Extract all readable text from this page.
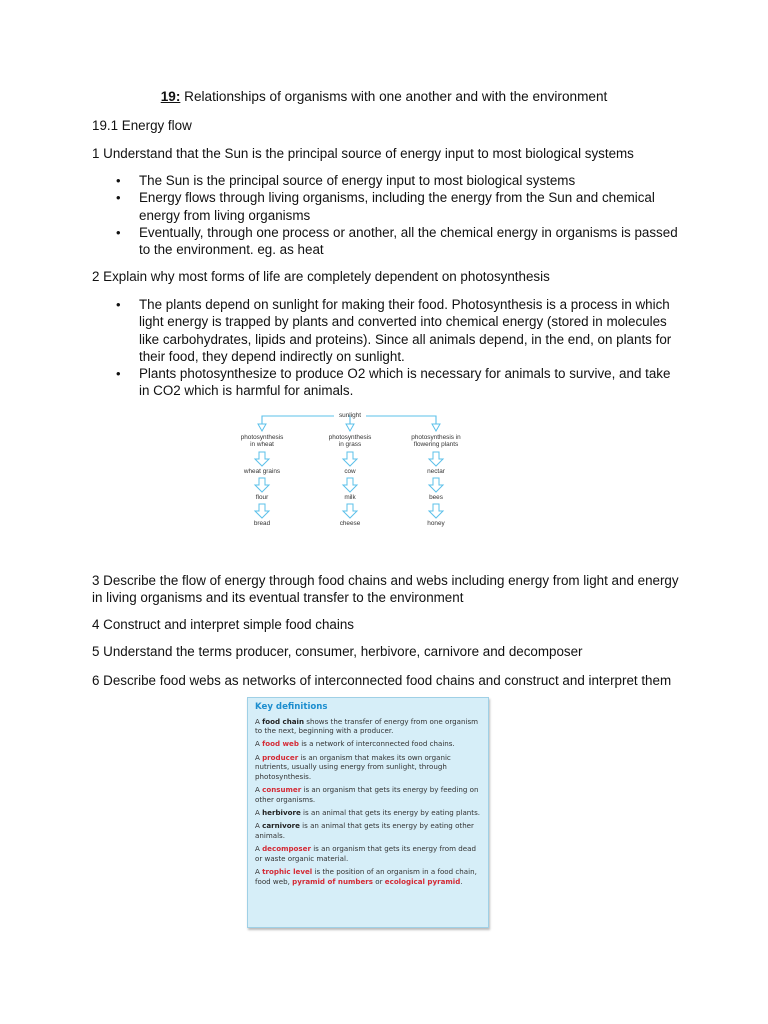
19: Relationships of organisms with one another and with the environment

19.1 Energy flow

1 Understand that the Sun is the principal source of energy input to most biological systems

• The Sun is the principal source of energy input to most biological systems
• Energy flows through living organisms, including the energy from the Sun and chemical energy from living organisms
• Eventually, through one process or another, all the chemical energy in organisms is passed to the environment. eg. as heat

2 Explain why most forms of life are completely dependent on photosynthesis

• The plants depend on sunlight for making their food. Photosynthesis is a process in which light energy is trapped by plants and converted into chemical energy (stored in molecules like carbohydrates, lipids and proteins). Since all animals depend, in the end, on plants for their food, they depend indirectly on sunlight.
• Plants photosynthesize to produce O2 which is necessary for animals to survive, and take in CO2 which is harmful for animals.
sunlight
photosynthesis
in wheat
wheat grains
flour
bread
photosynthesis
in grass
cow
milk
cheese
photosynthesis in
flowering plants
nectar
bees
honey

3 Describe the flow of energy through food chains and webs including energy from light and energy in living organisms and its eventual transfer to the environment

4 Construct and interpret simple food chains

5 Understand the terms producer, consumer, herbivore, carnivore and decomposer

6 Describe food webs as networks of interconnected food chains and construct and interpret them

Key definitions

A food chain shows the transfer of energy from one organism to the next, beginning with a producer.

A food web is a network of interconnected food chains.

A producer is an organism that makes its own organic nutrients, usually using energy from sunlight, through photosynthesis.

A consumer is an organism that gets its energy by feeding on other organisms.

A herbivore is an animal that gets its energy by eating plants.

A carnivore is an animal that gets its energy by eating other animals.

A decomposer is an organism that gets its energy from dead or waste organic material.

A trophic level is the position of an organism in a food chain, food web, pyramid of numbers or ecological pyramid.
